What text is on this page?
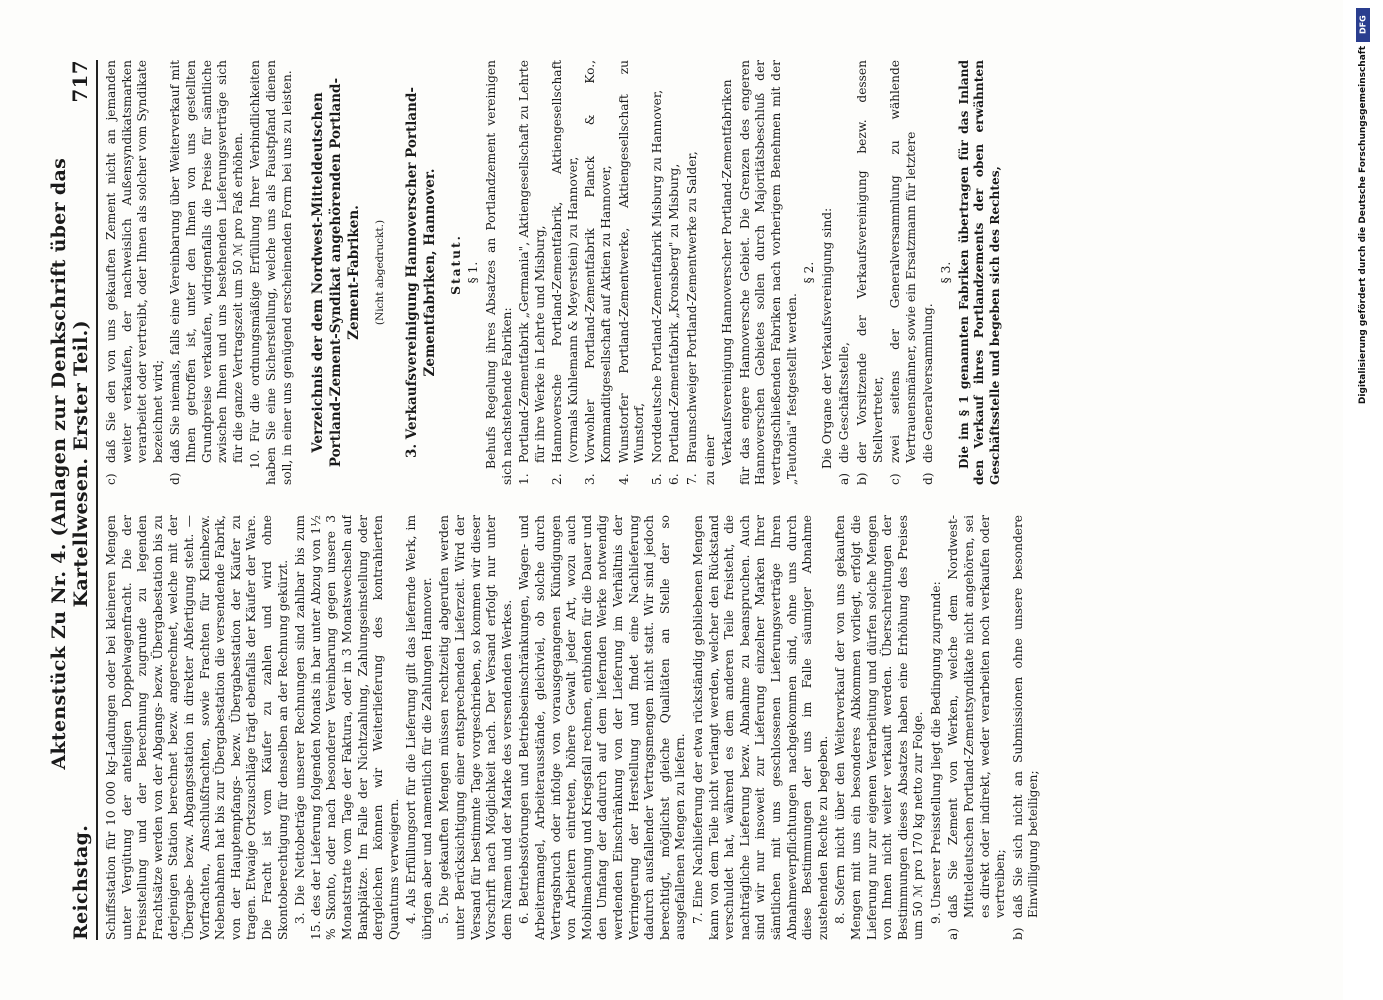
Reichstag.
Aktenstück Zu Nr. 4. (Anlagen zur Denkschrift über das Kartellwesen. Erster Teil.)
717

Schiffsstation für 10 000 kg-Ladungen oder bei kleineren Mengen unter Vergütung der anteiligen Doppelwagenfracht. Die der Preisstellung und der Berechnung zugrunde zu legenden Frachtsätze werden von der Abgangs- bezw. Übergabestation bis zu derjenigen Station berechnet bezw. angerechnet, welche mit der Übergabe- bezw. Abgangsstation in direkter Abfertigung steht. — Vorfrachten, Anschlußfrachten, sowie Frachten für Kleinbezw. Nebenbahnen hat bis zur Übergabestation die versendende Fabrik, von der Hauptempfangs- bezw. Übergabestation der Käufer zu tragen. Etwaige Ortszuschläge trägt ebenfalls der Käufer der Ware. Die Fracht ist vom Käufer zu zahlen und wird ohne Skontoberechtigung für denselben an der Rechnung gekürzt. 3. Die Nettobeträge unserer Rechnungen sind zahlbar bis zum 15. des der Lieferung folgenden Monats in bar unter Abzug von 1½ % Skonto, oder nach besonderer Vereinbarung gegen unsere 3 Monatstratte vom Tage der Faktura, oder in 3 Monatswechseln auf Bankplätze. Im Falle der Nichtzahlung, Zahlungseinstellung oder dergleichen können wir Weiterlieferung des kontrahierten Quantums verweigern. 4. Als Erfüllungsort für die Lieferung gilt das liefernde Werk, im übrigen aber und namentlich für die Zahlungen Hannover. 5. Die gekauften Mengen müssen rechtzeitig abgerufen werden unter Berücksichtigung einer entsprechenden Lieferzeit. Wird der Versand für bestimmte Tage vorgeschrieben, so kommen wir dieser Vorschrift nach Möglichkeit nach. Der Versand erfolgt nur unter dem Namen und der Marke des versendenden Werkes. 6. Betriebsstörungen und Betriebseinschränkungen, Wagen- und Arbeitermangel, Arbeiterausstände, gleichviel, ob solche durch Vertragsbruch oder infolge von vorausgegangenen Kündigungen von Arbeitern eintreten, höhere Gewalt jeder Art, wozu auch Mobilmachung und Kriegsfall rechnen, entbinden für die Dauer und den Umfang der dadurch auf dem liefernden Werke notwendig werdenden Einschränkung von der Lieferung im Verhältnis der Verringerung der Herstellung und findet eine Nachlieferung dadurch ausfallender Vertragsmengen nicht statt. Wir sind jedoch berechtigt, möglichst gleiche Qualitäten an Stelle der so ausgefallenen Mengen zu liefern. 7. Eine Nachlieferung der etwa rückständig gebliebenen Mengen kann von dem Teile nicht verlangt werden, welcher den Rückstand verschuldet hat, während es dem anderen Teile freisteht, die nachträgliche Lieferung bezw. Abnahme zu beanspruchen. Auch sind wir nur insoweit zur Lieferung einzelner Marken Ihrer sämtlichen mit uns geschlossenen Lieferungsverträge Ihren Abnahmeverpflichtungen nachgekommen sind, ohne uns durch diese Bestimmungen der uns im Falle säumiger Abnahme zustehenden Rechte zu begeben. 8. Sofern nicht über den Weiterverkauf der von uns gekauften Mengen mit uns ein besonderes Abkommen vorliegt, erfolgt die Lieferung nur zur eigenen Verarbeitung und dürfen solche Mengen von Ihnen nicht weiter verkauft werden. Überschreitungen der Bestimmungen dieses Absatzes haben eine Erhöhung des Preises um 50 ℳ pro 170 kg netto zur Folge. 9. Unserer Preisstellung liegt die Bedingung zugrunde:

a)
daß Sie Zement von Werken, welche dem Nordwest-Mitteldeutschen Portland-Zementsyndikate nicht angehören, sei es direkt oder indirekt, weder verarbeiten noch verkaufen oder vertreiben;
b)
daß Sie sich nicht an Submissionen ohne unsere besondere Einwilligung beteiligen;
c)
daß Sie den von uns gekauften Zement nicht an jemanden weiter verkaufen, der nachweislich Außensyndikatsmarken verarbeitet oder vertreibt, oder Ihnen als solcher vom Syndikate bezeichnet wird;
d)
daß Sie niemals, falls eine Vereinbarung über Weiterverkauf mit Ihnen getroffen ist, unter den Ihnen von uns gestellten Grundpreise verkaufen, widrigenfalls die Preise für sämtliche zwischen Ihnen und uns bestehenden Lieferungsverträge sich für die ganze Vertragszeit um 50 ℳ pro Faß erhöhen. 10. Für die ordnungsmäßige Erfüllung Ihrer Verbindlichkeiten haben Sie eine Sicherstellung, welche uns als Faustpfand dienen soll, in einer uns genügend erscheinenden Form bei uns zu leisten. Verzeichnis der dem Nordwest-Mitteldeutschen Portland-Zement-Syndikat angehörenden Portland-Zement-Fabriken. (Nicht abgedruckt.) 3. Verkaufsvereinigung Hannoverscher Portland-Zementfabriken, Hannover. Statut. § 1. Behufs Regelung ihres Absatzes an Portlandzement vereinigen sich nachstehende Fabriken: 1.
Portland-Zementfabrik „Germania", Aktiengesellschaft zu Lehrte für ihre Werke in Lehrte und Misburg,
2.
Hannoversche Portland-Zementfabrik, Aktiengesellschaft (vormals Kuhlemann & Meyerstein) zu Hannover,
3.
Vorwohler Portland-Zementfabrik Planck & Ko., Kommanditgesellschaft auf Aktien zu Hannover,
4.
Wunstorfer Portland-Zementwerke, Aktiengesellschaft zu Wunstorf,
5.
Norddeutsche Portland-Zementfabrik Misburg zu Hannover,
6.
Portland-Zementfabrik „Kronsberg" zu Misburg,
7.
Braunschweiger Portland-Zementwerke zu Salder, zu einer Verkaufsvereinigung Hannoverscher Portland-Zementfabriken für das engere Hannoversche Gebiet. Die Grenzen des engeren Hannoverschen Gebietes sollen durch Majoritätsbeschluß der vertragschließenden Fabriken nach vorherigem Benehmen mit der „Teutonia" festgestellt werden.

§ 2. Die Organe der Verkaufsvereinigung sind:

a)
die Geschäftsstelle,
b)
der Vorsitzende der Verkaufsvereinigung bezw. dessen Stellvertreter,
c)
zwei seitens der Generalversammlung zu wählende Vertrauensmänner, sowie ein Ersatzmann für letztere
d)
die Generalversammlung.

§ 3. Die im § 1 genannten Fabriken übertragen für das Inland den Verkauf ihres Portlandzements der oben erwähnten Geschäftsstelle und begeben sich des Rechtes,

DFG
Digitalisierung gefördert durch die Deutsche Forschungsgemeinschaft
